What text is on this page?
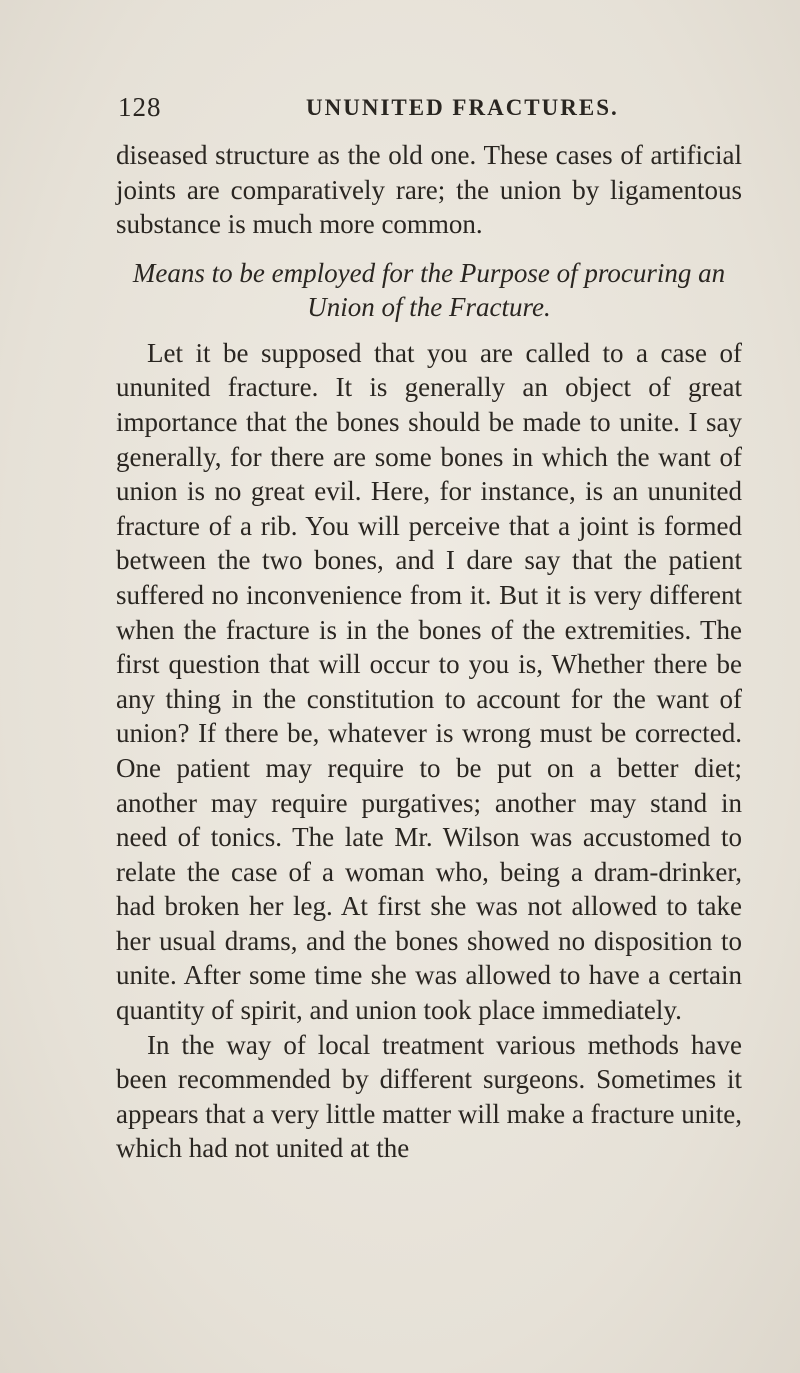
128	UNUNITED FRACTURES.

diseased structure as the old one. These cases of artificial joints are comparatively rare; the union by ligamentous substance is much more common.

Means to be employed for the Purpose of procuring an Union of the Fracture.

Let it be supposed that you are called to a case of ununited fracture. It is generally an object of great importance that the bones should be made to unite. I say generally, for there are some bones in which the want of union is no great evil. Here, for instance, is an ununited fracture of a rib. You will perceive that a joint is formed between the two bones, and I dare say that the patient suffered no inconvenience from it. But it is very different when the fracture is in the bones of the extremities. The first question that will occur to you is, Whether there be any thing in the constitution to account for the want of union? If there be, whatever is wrong must be corrected. One patient may require to be put on a better diet; another may require purgatives; another may stand in need of tonics. The late Mr. Wilson was accustomed to relate the case of a woman who, being a dram-drinker, had broken her leg. At first she was not allowed to take her usual drams, and the bones showed no disposition to unite. After some time she was allowed to have a certain quantity of spirit, and union took place immediately.

In the way of local treatment various methods have been recommended by different surgeons. Sometimes it appears that a very little matter will make a fracture unite, which had not united at the
